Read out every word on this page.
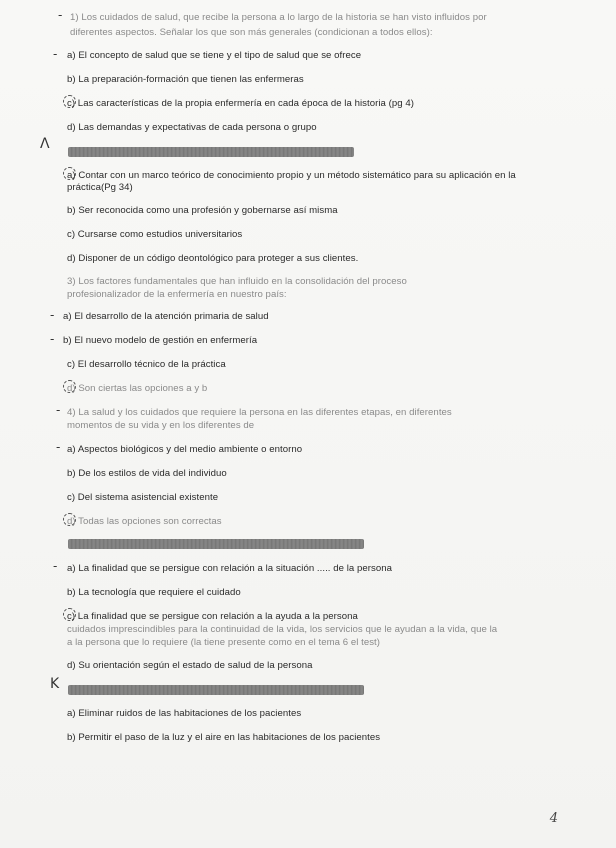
- 1) Los cuidados de salud, que recibe la persona a lo largo de la historia se han visto influidos por
diferentes aspectos. Señalar los que son más generales (condicionan a todos ellos):
- a) El concepto de salud que se tiene y el tipo de salud que se ofrece
b) La preparación-formación que tienen las enfermeras
c) Las características de la propia enfermería en cada época de la historia (pg 4)
d) Las demandas y expectativas de cada persona o grupo
Λ
a) Contar con un marco teórico de conocimiento propio y un método sistemático para su aplicación en la
práctica(Pg 34)
b) Ser reconocida como una profesión y gobernarse así misma
c) Cursarse como estudios universitarios
d) Disponer de un código deontológico para proteger a sus clientes.
3) Los factores fundamentales que han influido en la consolidación del proceso
profesionalizador de la enfermería en nuestro país:
- a) El desarrollo de la atención primaria de salud
- b) El nuevo modelo de gestión en enfermería
c) El desarrollo técnico de la práctica
d) Son ciertas las opciones a y b
- 4) La salud y los cuidados que requiere la persona en las diferentes etapas, en diferentes
momentos de su vida y en los diferentes de
- a) Aspectos biológicos y del medio ambiente o entorno
b) De los estilos de vida del individuo
c) Del sistema asistencial existente
d) Todas las opciones son correctas
- a) La finalidad que se persigue con relación a la situación ..... de la persona
b) La tecnología que requiere el cuidado
c) La finalidad que se persigue con relación a la ayuda a la persona
cuidados imprescindibles para la continuidad de la vida, los servicios que le ayudan a la vida, que la
a la persona que lo requiere (la tiene presente como en el tema 6 el test)
d) Su orientación según el estado de salud de la persona
K
a) Eliminar ruidos de las habitaciones de los pacientes
b) Permitir el paso de la luz y el aire en las habitaciones de los pacientes
4
